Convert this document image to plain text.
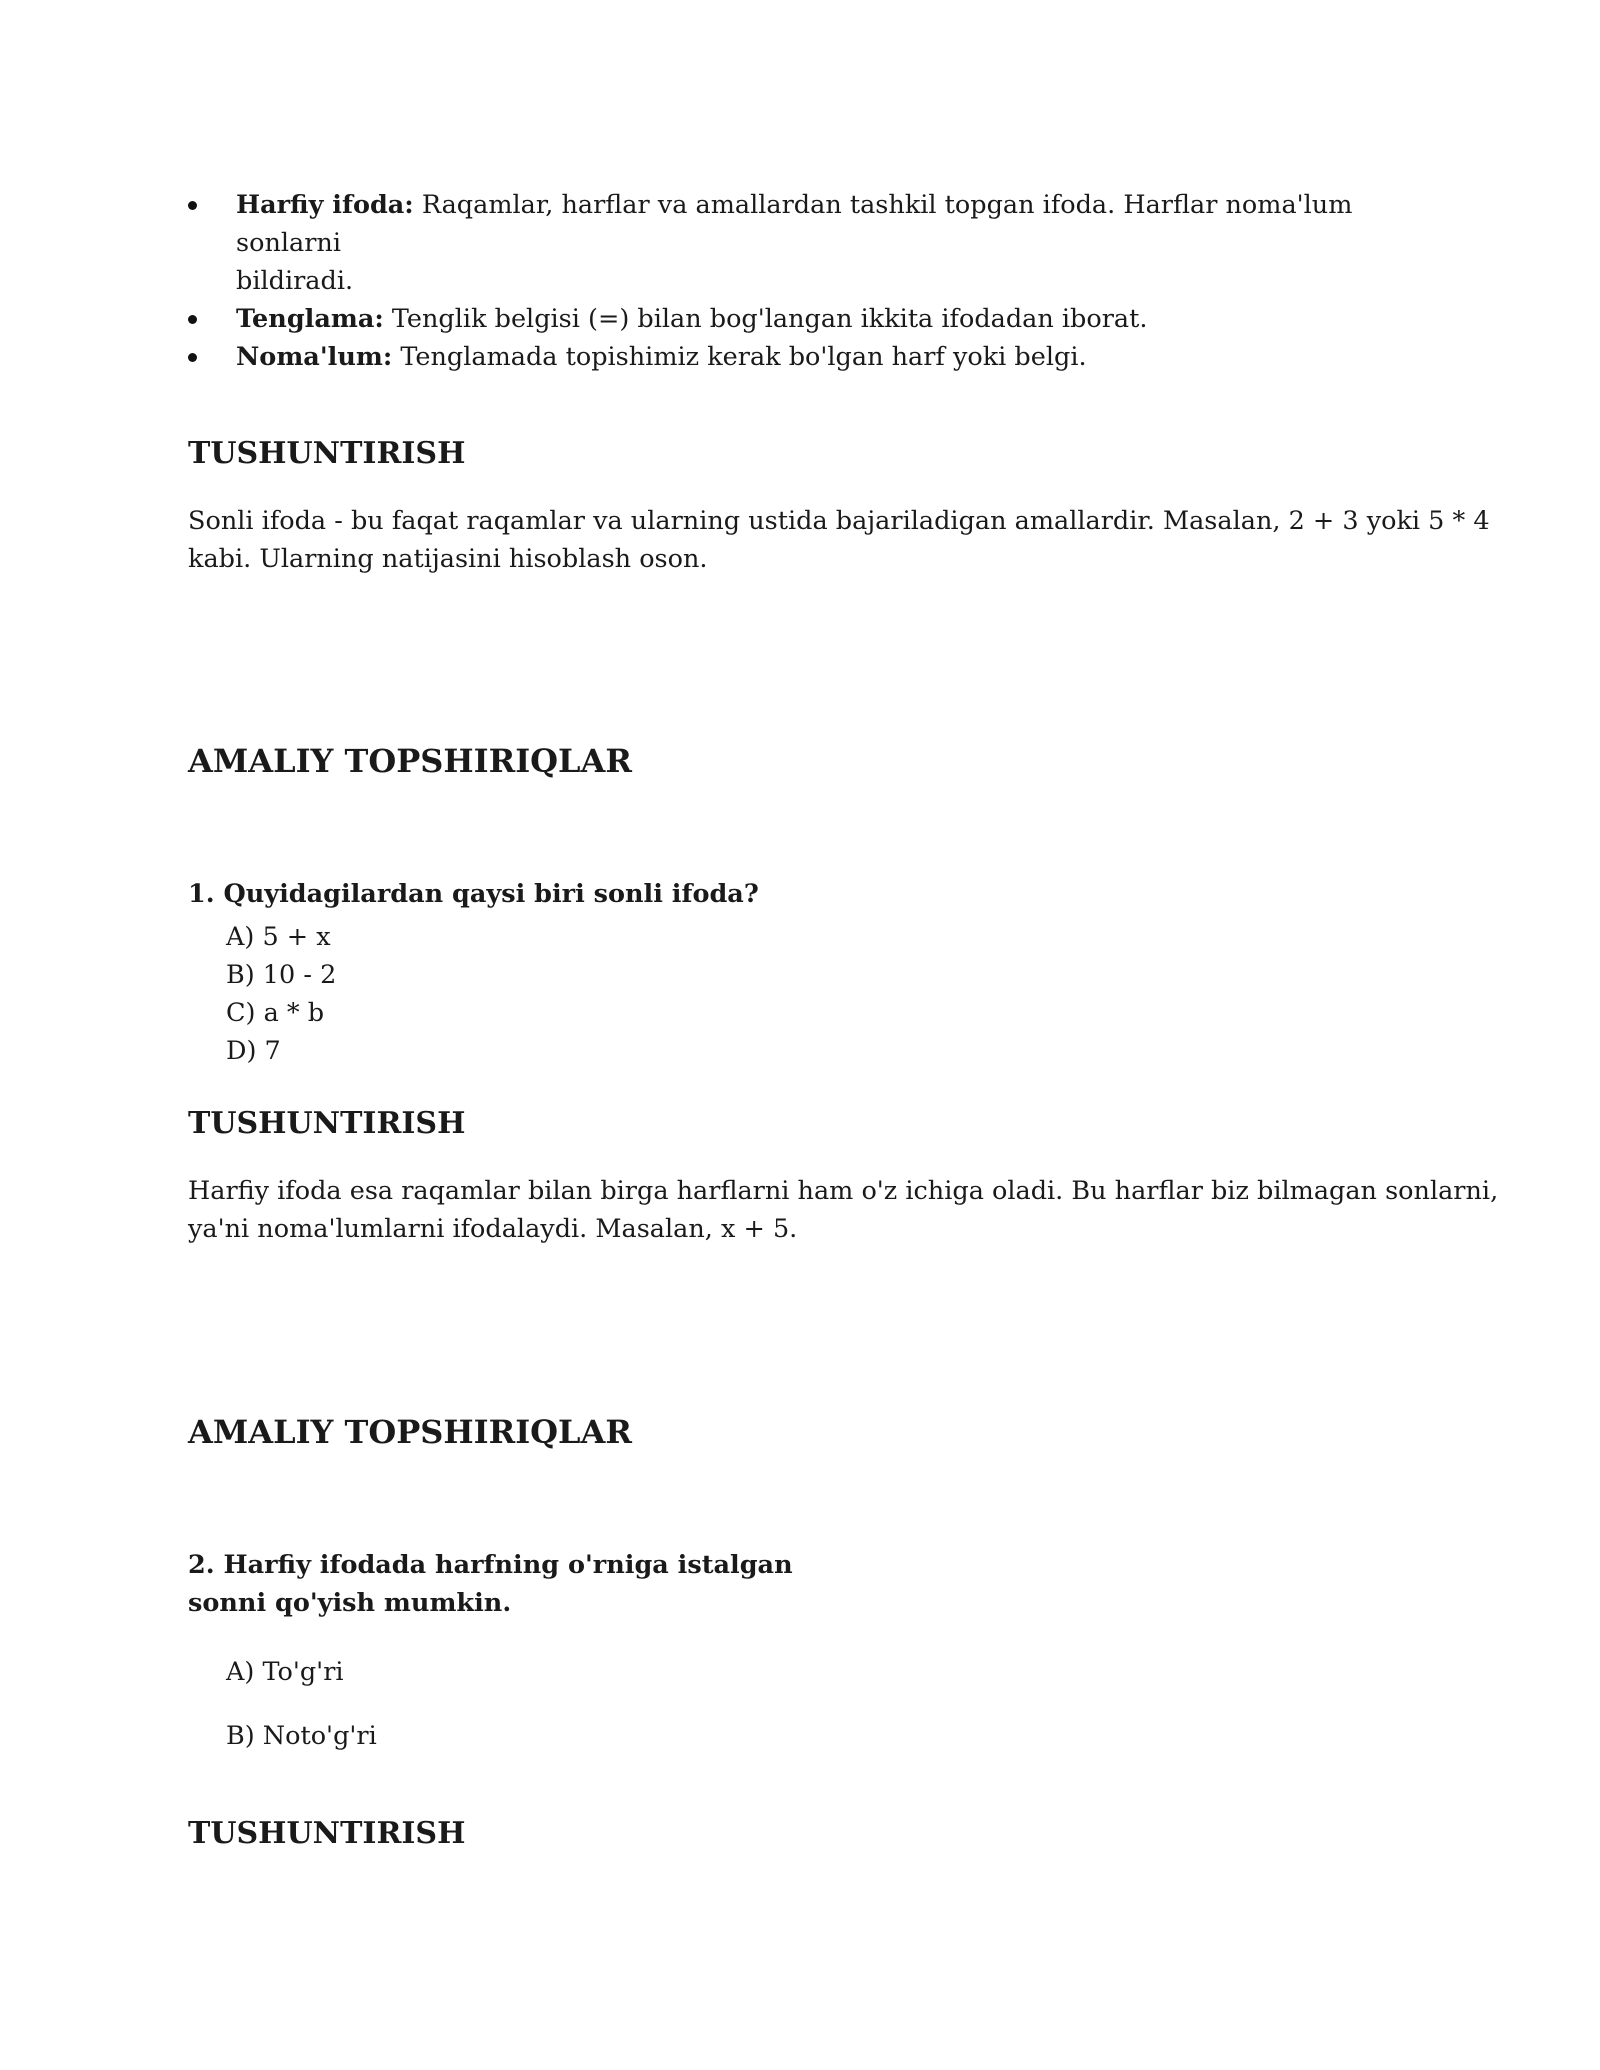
Harfiy ifoda: Raqamlar, harflar va amallardan tashkil topgan ifoda. Harflar noma'lum sonlarni
bildiradi.
Tenglama: Tenglik belgisi (=) bilan bog'langan ikkita ifodadan iborat.
Noma'lum: Tenglamada topishimiz kerak bo'lgan harf yoki belgi.
TUSHUNTIRISH
Sonli ifoda - bu faqat raqamlar va ularning ustida bajariladigan amallardir. Masalan, 2 + 3 yoki 5 * 4
kabi. Ularning natijasini hisoblash oson.
AMALIY TOPSHIRIQLAR
1. Quyidagilardan qaysi biri sonli ifoda?
A) 5 + x
B) 10 - 2
C) a * b
D) 7
TUSHUNTIRISH
Harfiy ifoda esa raqamlar bilan birga harflarni ham o'z ichiga oladi. Bu harflar biz bilmagan sonlarni,
ya'ni noma'lumlarni ifodalaydi. Masalan, x + 5.
AMALIY TOPSHIRIQLAR
2. Harfiy ifodada harfning o'rniga istalgan
sonni qo'yish mumkin.
A) To'g'ri
B) Noto'g'ri
TUSHUNTIRISH
